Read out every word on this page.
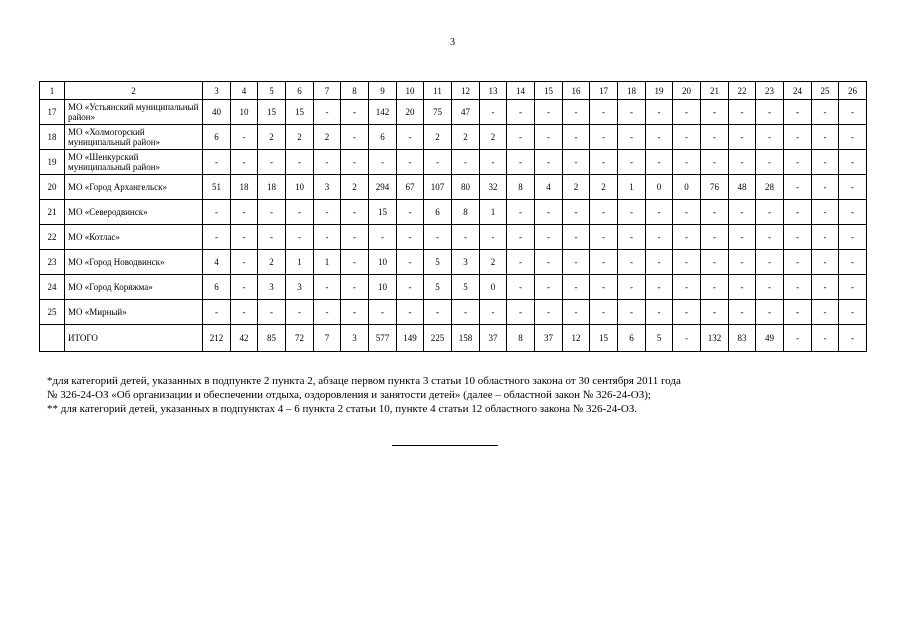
3
1	2	3	4	5	6	7	8	9	10	11	12	13	14	15	16	17	18	19	20	21	22	23	24	25	26
17	МО «Устьянский муниципальный район»	40	10	15	15	-	-	142	20	75	47	-	-	-	-	-	-	-	-	-	-	-	-	-	-
18	МО «Холмогорский муниципальный район»	6	-	2	2	2	-	6	-	2	2	2	-	-	-	-	-	-	-	-	-	-	-	-	-
19	МО «Шенкурский муниципальный район»	-	-	-	-	-	-	-	-	-	-	-	-	-	-	-	-	-	-	-	-	-	-	-	-
20	МО «Город Архангельск»	51	18	18	10	3	2	294	67	107	80	32	8	4	2	2	1	0	0	76	48	28	-	-	-
21	МО «Северодвинск»	-	-	-	-	-	-	15	-	6	8	1	-	-	-	-	-	-	-	-	-	-	-	-	-
22	МО «Котлас»	-	-	-	-	-	-	-	-	-	-	-	-	-	-	-	-	-	-	-	-	-	-	-	-
23	МО «Город Новодвинск»	4	-	2	1	1	-	10	-	5	3	2	-	-	-	-	-	-	-	-	-	-	-	-	-
24	МО «Город Коряжма»	6	-	3	3	-	-	10	-	5	5	0	-	-	-	-	-	-	-	-	-	-	-	-	-
25	МО «Мирный»	-	-	-	-	-	-	-	-	-	-	-	-	-	-	-	-	-	-	-	-	-	-	-	-
	ИТОГО	212	42	85	72	7	3	577	149	225	158	37	8	37	12	15	6	5	-	132	83	49	-	-	-

*для категорий детей, указанных в подпункте 2 пункта 2, абзаце первом пункта 3 статьи 10 областного закона от 30 сентября 2011 года

№ 326-24-ОЗ «Об организации и обеспечении отдыха, оздоровления и занятости детей» (далее – областной закон № 326-24-ОЗ);

** для категорий детей, указанных в подпунктах 4 – 6 пункта 2 статьи 10, пункте 4 статьи 12 областного закона № 326-24-ОЗ.
